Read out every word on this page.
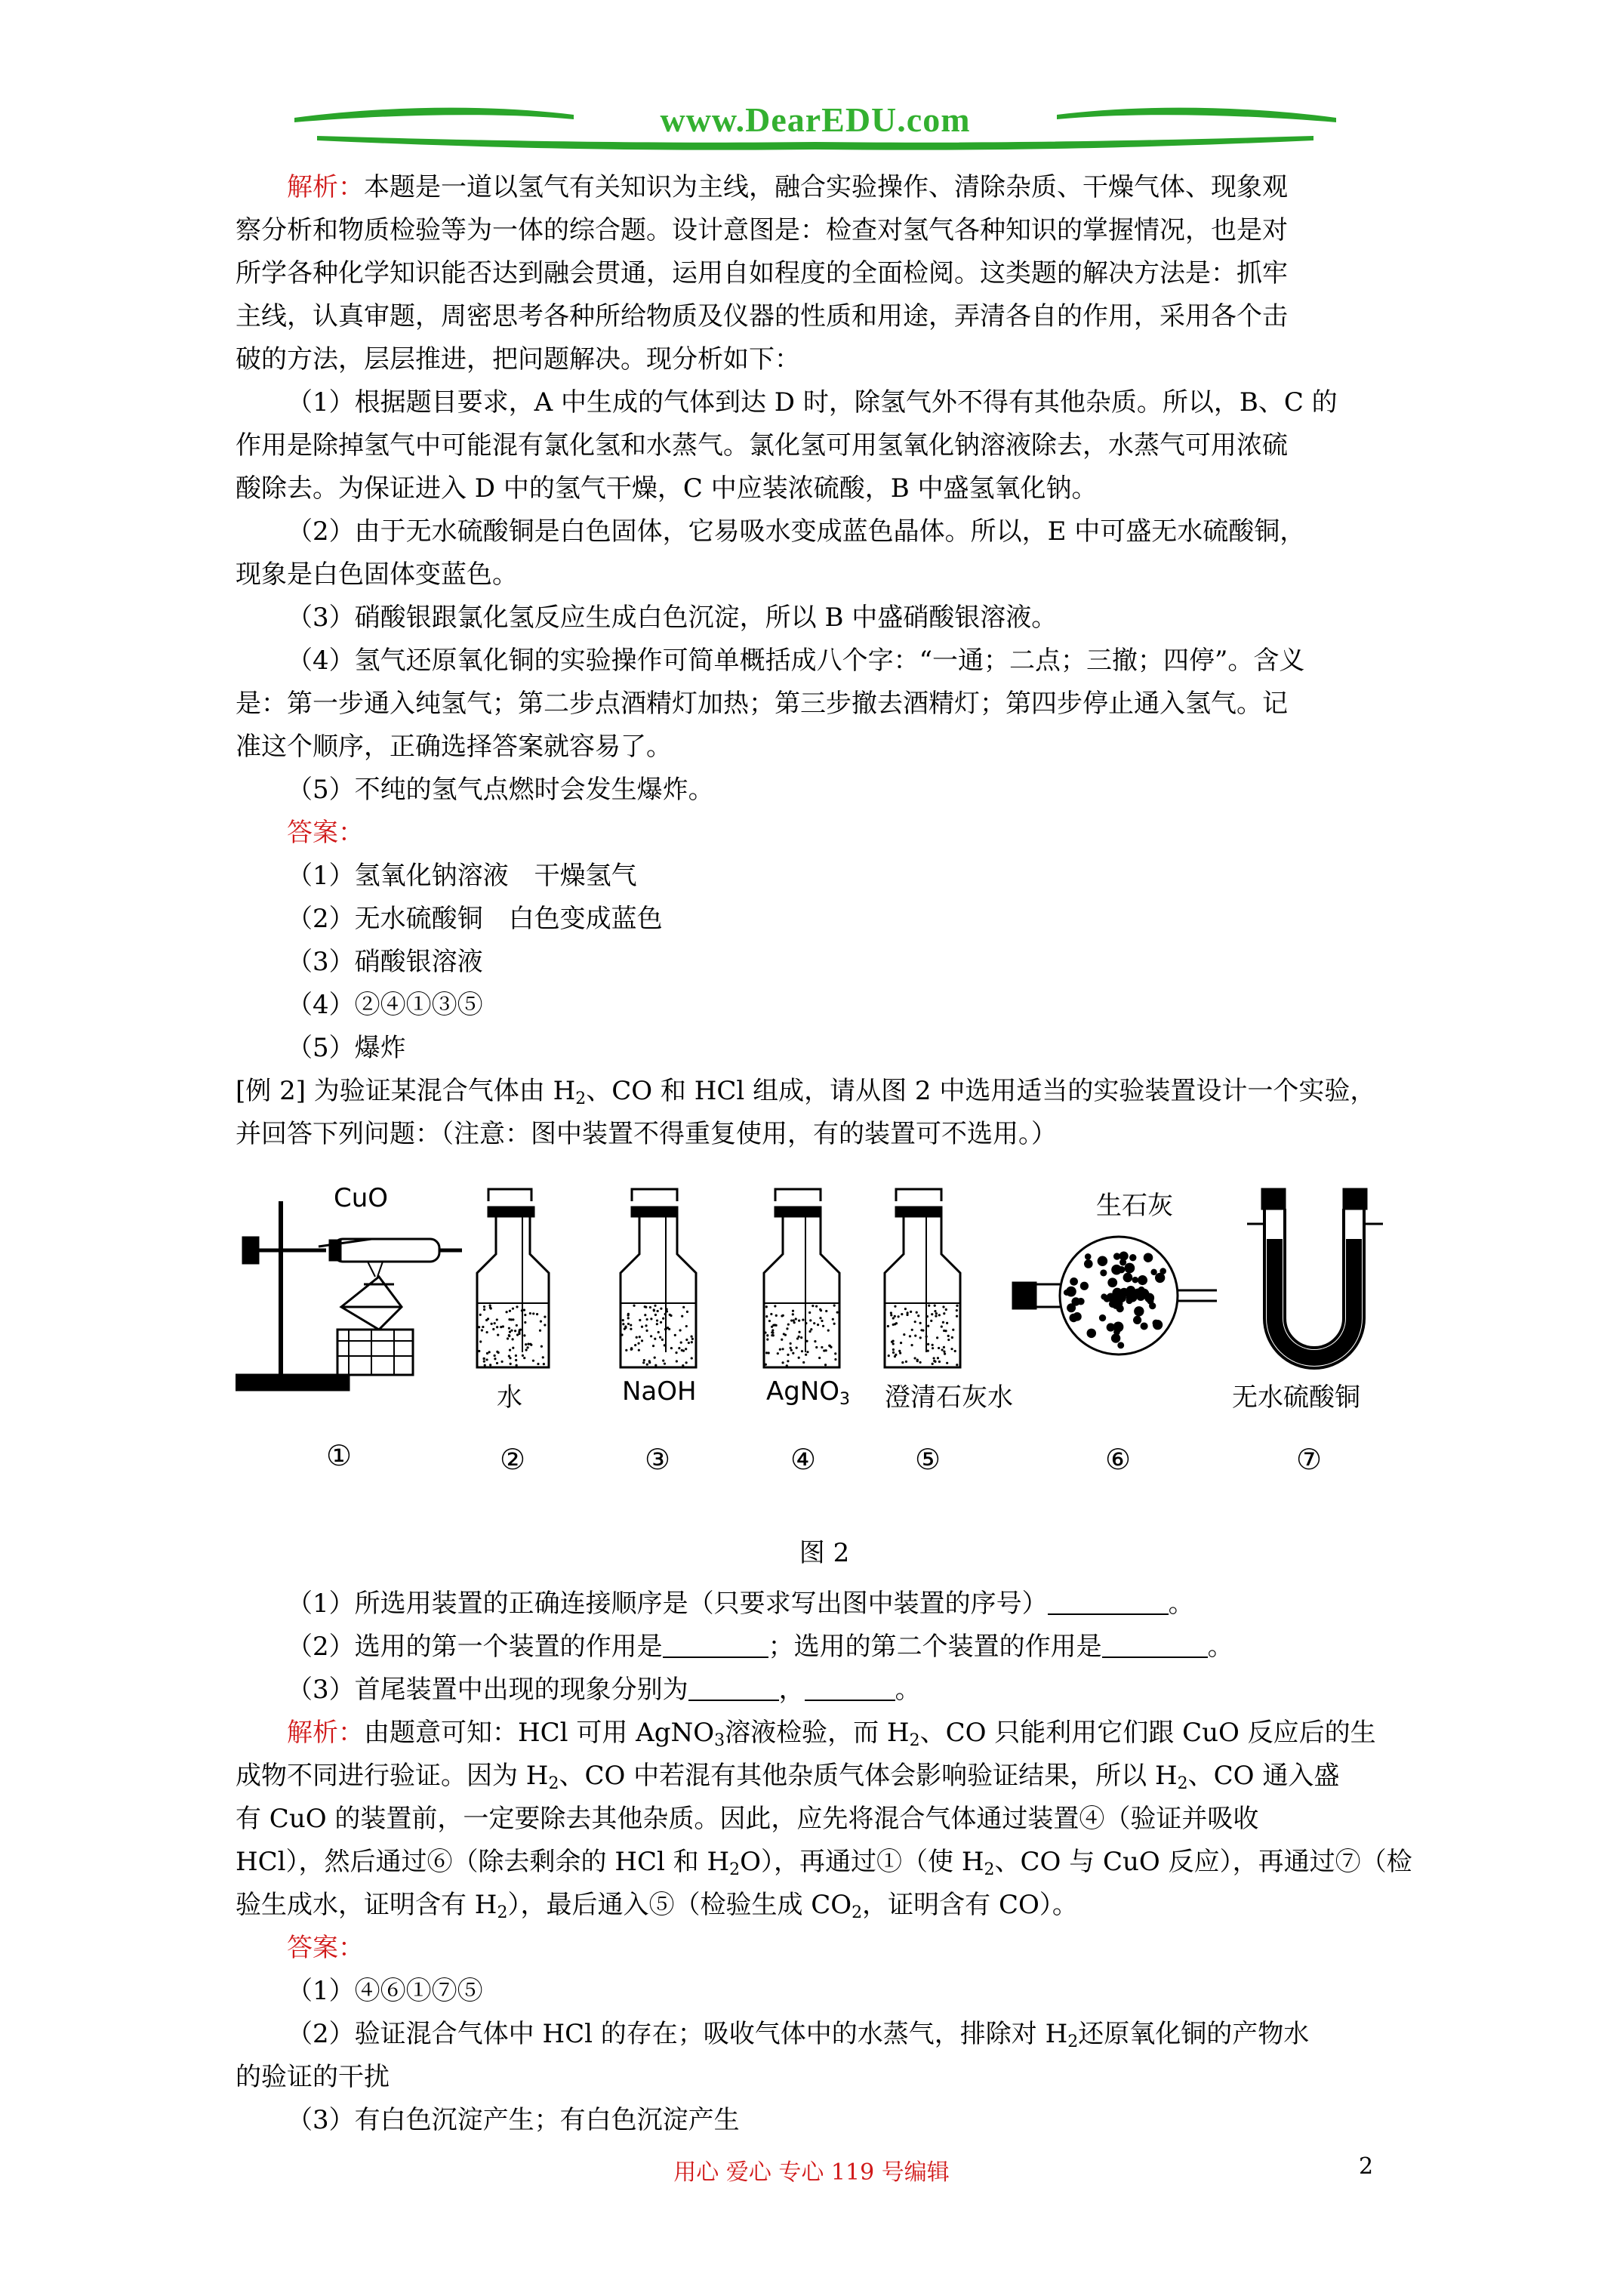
www.DearEDU.com

解析：本题是一道以氢气有关知识为主线，融合实验操作、清除杂质、干燥气体、现象观

察分析和物质检验等为一体的综合题。设计意图是：检查对氢气各种知识的掌握情况，也是对

所学各种化学知识能否达到融会贯通，运用自如程度的全面检阅。这类题的解决方法是：抓牢

主线，认真审题，周密思考各种所给物质及仪器的性质和用途，弄清各自的作用，采用各个击

破的方法，层层推进，把问题解决。现分析如下：

（1）根据题目要求，A 中生成的气体到达 D 时，除氢气外不得有其他杂质。所以，B、C 的

作用是除掉氢气中可能混有氯化氢和水蒸气。氯化氢可用氢氧化钠溶液除去，水蒸气可用浓硫

酸除去。为保证进入 D 中的氢气干燥，C 中应装浓硫酸，B 中盛氢氧化钠。

（2）由于无水硫酸铜是白色固体，它易吸水变成蓝色晶体。所以，E 中可盛无水硫酸铜，

现象是白色固体变蓝色。

（3）硝酸银跟氯化氢反应生成白色沉淀，所以 B 中盛硝酸银溶液。

（4）氢气还原氧化铜的实验操作可简单概括成八个字：“一通；二点；三撤；四停”。含义

是：第一步通入纯氢气；第二步点酒精灯加热；第三步撤去酒精灯；第四步停止通入氢气。记

准这个顺序，正确选择答案就容易了。

（5）不纯的氢气点燃时会发生爆炸。

答案：

（1）氢氧化钠溶液　干燥氢气

（2）无水硫酸铜　白色变成蓝色

（3）硝酸银溶液

（4）②④①③⑤

（5）爆炸

[例 2] 为验证某混合气体由 $H_2$、CO 和 HCl 组成，请从图 2 中选用适当的实验装置设计一个实验，

并回答下列问题：（注意：图中装置不得重复使用，有的装置可不选用。）

CuO	生石灰
水	NaOH	AgNO$_3$ 澄清石灰水	无水硫酸铜
①	②	③	④	⑤	⑥	⑦
图 2

（1）所选用装置的正确连接顺序是（只要求写出图中装置的序号）	。

（2）选用的第一个装置的作用是	；选用的第二个装置的作用是	。

（3）首尾装置中出现的现象分别为	，	。

解析：由题意可知：HCl 可用 AgNO$_3$溶液检验，而 $H_2$、CO 只能利用它们跟 CuO 反应后的生

成物不同进行验证。因为 $H_2$、CO 中若混有其他杂质气体会影响验证结果，所以 $H_2$、CO 通入盛

有 CuO 的装置前，一定要除去其他杂质。因此，应先将混合气体通过装置④（验证并吸收

HCl），然后通过⑥（除去剩余的 HCl 和 $H_2O$），再通过①（使 $H_2$、CO 与 CuO 反应），再通过⑦（检

验生成水，证明含有 $H_2$），最后通入⑤（检验生成 $CO_2$，证明含有 CO）。

答案：

（1）④⑥①⑦⑤

（2）验证混合气体中 HCl 的存在；吸收气体中的水蒸气，排除对 $H_2$还原氧化铜的产物水

的验证的干扰

（3）有白色沉淀产生；有白色沉淀产生

用心 爱心 专心 119 号编辑	2
